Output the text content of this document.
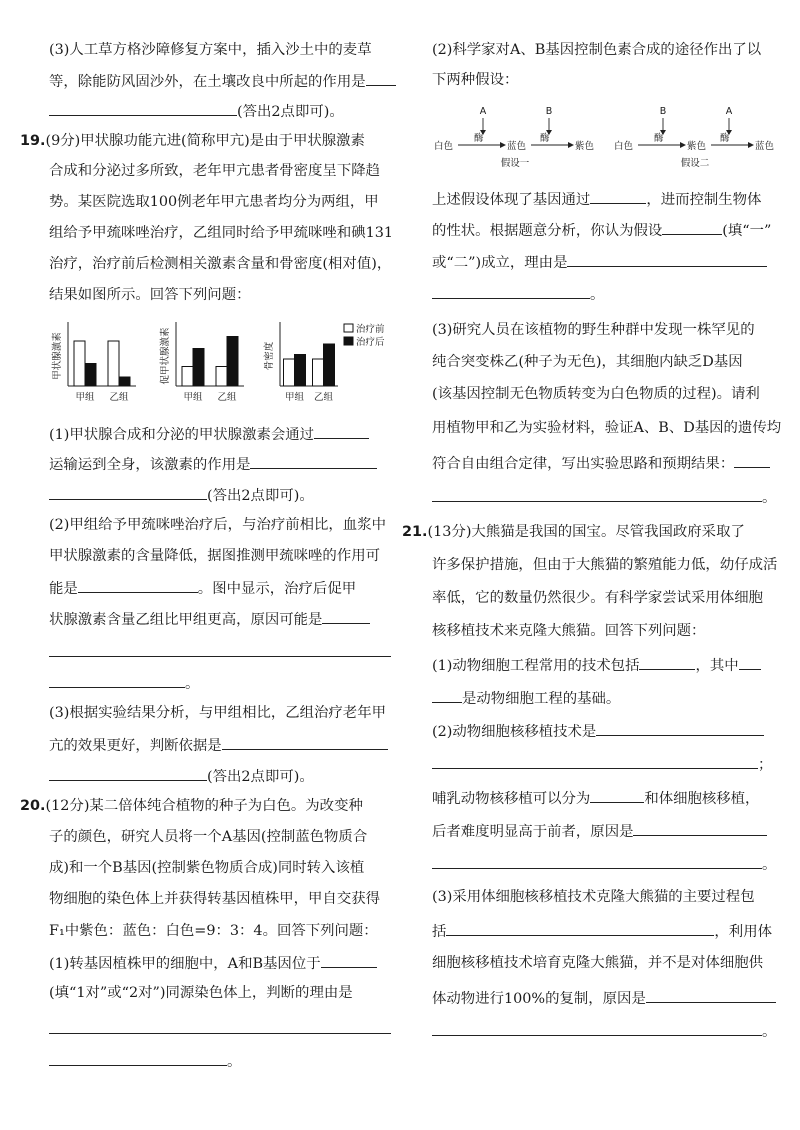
(3)人工草方格沙障修复方案中，插入沙土中的麦草
等，除能防风固沙外，在土壤改良中所起的作用是
(答出2点即可)。
19.(9分)甲状腺功能亢进(简称甲亢)是由于甲状腺激素
合成和分泌过多所致，老年甲亢患者骨密度呈下降趋
势。某医院选取100例老年甲亢患者均分为两组，甲
组给予甲巯咪唑治疗，乙组同时给予甲巯咪唑和碘131
治疗，治疗前后检测相关激素含量和骨密度(相对值)，
结果如图所示。回答下列问题：
甲状腺激素
甲组 乙组
促甲状腺激素
甲组 乙组
骨密度
甲组 乙组
治疗前
治疗后
(1)甲状腺合成和分泌的甲状腺激素会通过
运输运到全身，该激素的作用是
(答出2点即可)。
(2)甲组给予甲巯咪唑治疗后，与治疗前相比，血浆中
甲状腺激素的含量降低，据图推测甲巯咪唑的作用可
能是	。图中显示，治疗后促甲
状腺激素含量乙组比甲组更高，原因可能是
。
(3)根据实验结果分析，与甲组相比，乙组治疗老年甲
亢的效果更好，判断依据是
(答出2点即可)。
20.(12分)某二倍体纯合植物的种子为白色。为改变种
子的颜色，研究人员将一个A基因(控制蓝色物质合
成)和一个B基因(控制紫色物质合成)同时转入该植
物细胞的染色体上并获得转基因植株甲，甲自交获得
F₁中紫色：蓝色：白色=9：3：4。回答下列问题：
(1)转基因植株甲的细胞中，A和B基因位于
(填“1对”或“2对”)同源染色体上，判断的理由是
。
(2)科学家对A、B基因控制色素合成的途径作出了以
下两种假设：
A	B
白色
酶
蓝色
酶
紫色
假设一
B	A
白色
酶
紫色
酶
蓝色
假设二
上述假设体现了基因通过	，进而控制生物体
的性状。根据题意分析，你认为假设	(填“一”
或“二”)成立，理由是
。
(3)研究人员在该植物的野生种群中发现一株罕见的
纯合突变株乙(种子为无色)，其细胞内缺乏D基因
(该基因控制无色物质转变为白色物质的过程)。请利
用植物甲和乙为实验材料，验证A、B、D基因的遗传均
符合自由组合定律，写出实验思路和预期结果：
。
21.(13分)大熊猫是我国的国宝。尽管我国政府采取了
许多保护措施，但由于大熊猫的繁殖能力低，幼仔成活
率低，它的数量仍然很少。有科学家尝试采用体细胞
核移植技术来克隆大熊猫。回答下列问题：
(1)动物细胞工程常用的技术包括	，其中
是动物细胞工程的基础。
(2)动物细胞核移植技术是
；
哺乳动物核移植可以分为	和体细胞核移植，
后者难度明显高于前者，原因是
。
(3)采用体细胞核移植技术克隆大熊猫的主要过程包
括	，利用体
细胞核移植技术培育克隆大熊猫，并不是对体细胞供
体动物进行100%的复制，原因是
。
